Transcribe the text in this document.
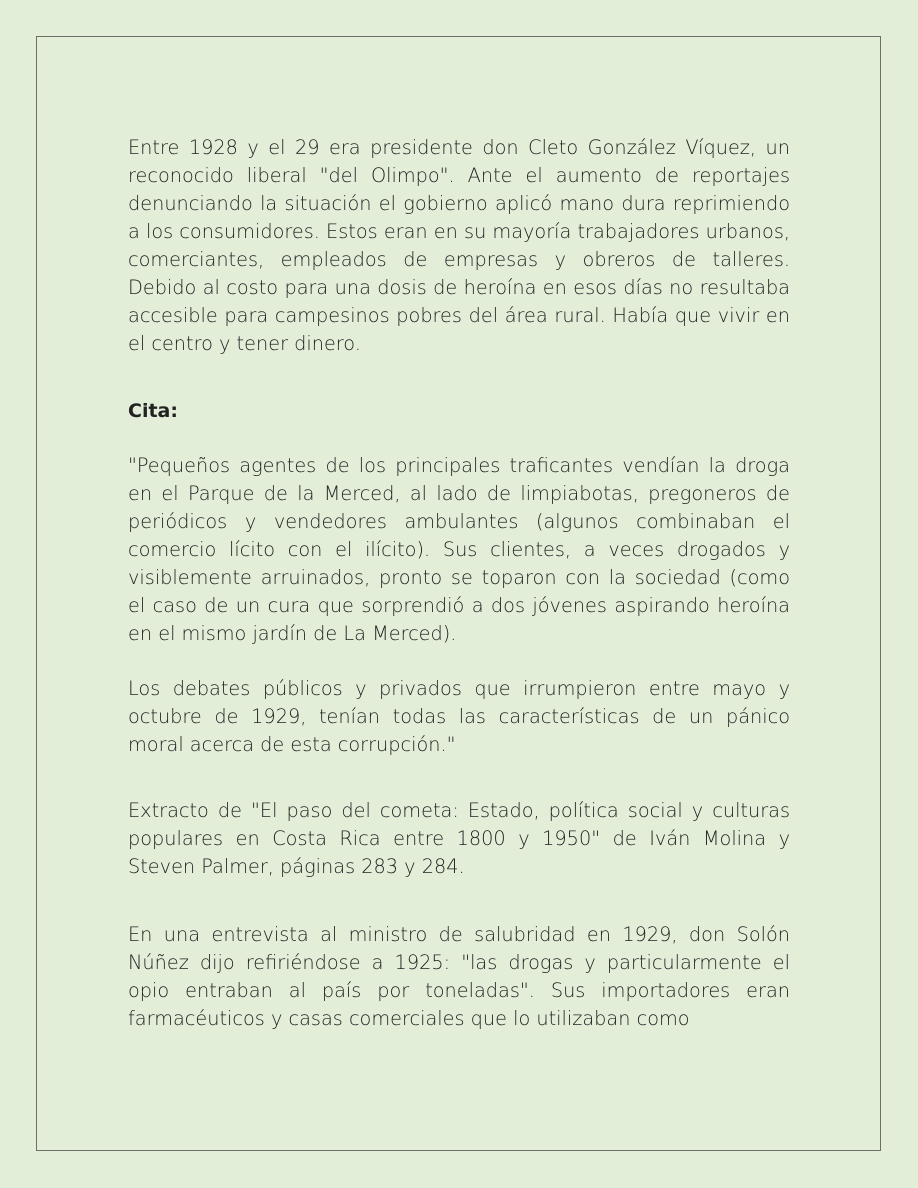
Entre 1928 y el 29 era presidente don Cleto González Víquez, un reconocido liberal "del Olimpo". Ante el aumento de reportajes denunciando la situación el gobierno aplicó mano dura reprimiendo a los consumidores. Estos eran en su mayoría trabajadores urbanos, comerciantes, empleados de empresas y obreros de talleres. Debido al costo para una dosis de heroína en esos días no resultaba accesible para campesinos pobres del área rural. Había que vivir en el centro y tener dinero.

Cita:

"Pequeños agentes de los principales traficantes vendían la droga en el Parque de la Merced, al lado de limpiabotas, pregoneros de periódicos y vendedores ambulantes (algunos combinaban el comercio lícito con el ilícito). Sus clientes, a veces drogados y visiblemente arruinados, pronto se toparon con la sociedad (como el caso de un cura que sorprendió a dos jóvenes aspirando heroína en el mismo jardín de La Merced).

Los debates públicos y privados que irrumpieron entre mayo y octubre de 1929, tenían todas las características de un pánico moral acerca de esta corrupción."

Extracto de "El paso del cometa: Estado, política social y culturas populares en Costa Rica entre 1800 y 1950" de Iván Molina y Steven Palmer, páginas 283 y 284.

En una entrevista al ministro de salubridad en 1929, don Solón Núñez dijo refiriéndose a 1925: "las drogas y particularmente el opio entraban al país por toneladas". Sus importadores eran farmacéuticos y casas comerciales que lo utilizaban como
